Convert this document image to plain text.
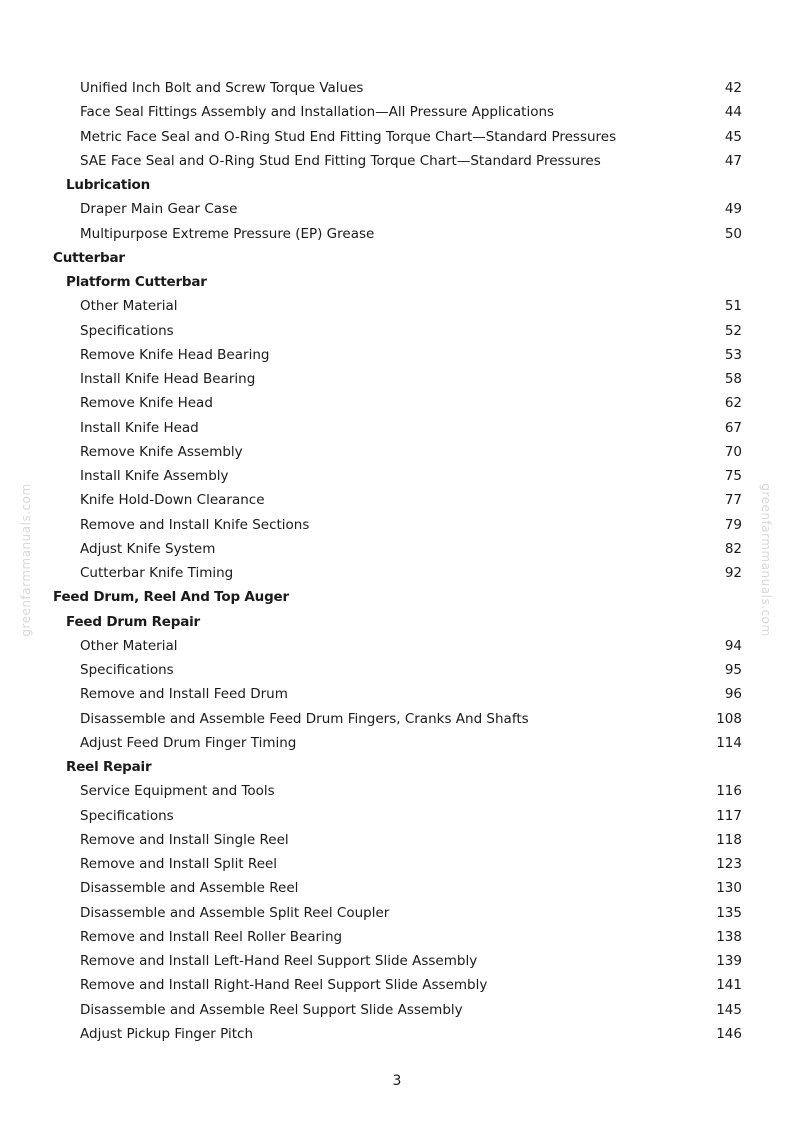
greenfarmmanuals.com	greenfarmmanuals.com
Unified Inch Bolt and Screw Torque Values	42
Face Seal Fittings Assembly and Installation—All Pressure Applications	44
Metric Face Seal and O-Ring Stud End Fitting Torque Chart—Standard Pressures	45
SAE Face Seal and O-Ring Stud End Fitting Torque Chart—Standard Pressures	47
Lubrication
Draper Main Gear Case	49
Multipurpose Extreme Pressure (EP) Grease	50
Cutterbar
Platform Cutterbar
Other Material	51
Specifications	52
Remove Knife Head Bearing	53
Install Knife Head Bearing	58
Remove Knife Head	62
Install Knife Head	67
Remove Knife Assembly	70
Install Knife Assembly	75
Knife Hold-Down Clearance	77
Remove and Install Knife Sections	79
Adjust Knife System	82
Cutterbar Knife Timing	92
Feed Drum, Reel And Top Auger
Feed Drum Repair
Other Material	94
Specifications	95
Remove and Install Feed Drum	96
Disassemble and Assemble Feed Drum Fingers, Cranks And Shafts	108
Adjust Feed Drum Finger Timing	114
Reel Repair
Service Equipment and Tools	116
Specifications	117
Remove and Install Single Reel	118
Remove and Install Split Reel	123
Disassemble and Assemble Reel	130
Disassemble and Assemble Split Reel Coupler	135
Remove and Install Reel Roller Bearing	138
Remove and Install Left-Hand Reel Support Slide Assembly	139
Remove and Install Right-Hand Reel Support Slide Assembly	141
Disassemble and Assemble Reel Support Slide Assembly	145
Adjust Pickup Finger Pitch	146
3
